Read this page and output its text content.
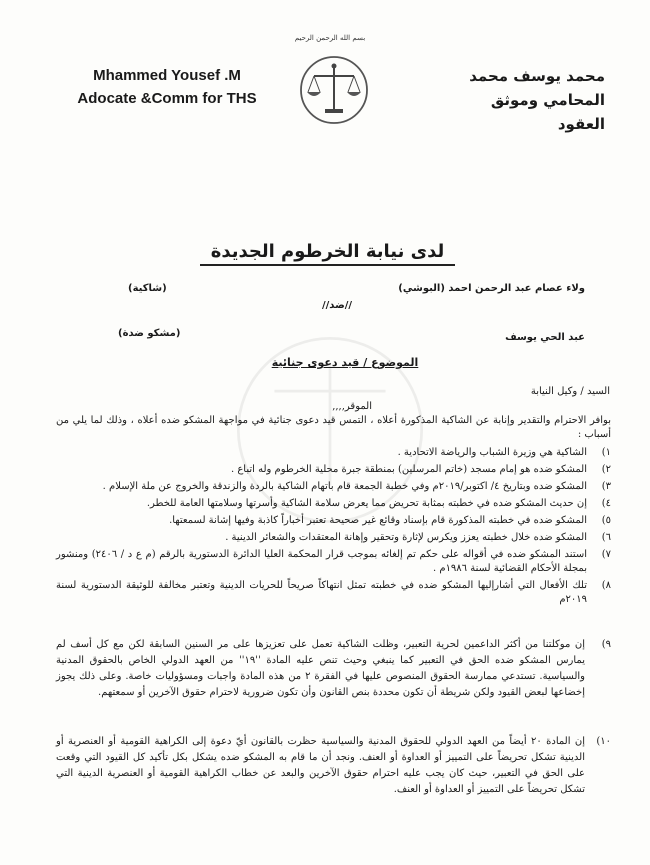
بسم الله الرحمن الرحيم
Mhammed Yousef .M
Adocate &Comm for THS
محمد يوسف محمد
المحامي وموثق العقود
لدى نيابة الخرطوم الجديدة
ولاء عصام عبد الرحمن احمد (البوشي)
(شاكية)
//ضد//
عبد الحي يوسف
(مشكو ضدة)
الموضوع / قيد دعوى جنائية
السيد / وكيل النيابة
الموقر,,,,
بوافر الاحترام والتقدير وإنابة عن الشاكية المذكورة أعلاه ، التمس قيد دعوى جنائية في مواجهة المشكو ضده أعلاه ، وذلك لما يلي من أسباب :
١)
الشاكية هي وزيرة الشباب والرياضة الاتحادية .
٢)
المشكو ضده هو إمام مسجد (خاتم المرسلين) بمنطقة جبرة محلية الخرطوم وله اتباع .
٣)
المشكو ضده وبتاريخ ٤/ اكتوبر/٢٠١٩م وفي خطبة الجمعة قام باتهام الشاكية بالردة والزندقة والخروج عن ملة الإسلام .
٤)
إن حديث المشكو ضده في خطبته بمثابة تحريض مما يعرض سلامة الشاكية وأسرتها وسلامتها العامة للخطر.
٥)
المشكو ضده في خطبته المذكورة قام بإسناد وقائع غير صحيحة تعتبر أخباراً كاذبة وفيها إشانة لسمعتها.
٦)
المشكو ضده خلال خطبته يعزز ويكرس لإثارة وتحقير وإهانة المعتقدات والشعائر الدينية .
٧)
استند المشكو ضده في أقواله على حكم تم إلغائه بموجب قرار المحكمة العليا الدائرة الدستورية بالرقم (م ع د / ٢٤٠٦) ومنشور بمجلة الأحكام القضائية لسنة ١٩٨٦م .
٨)
تلك الأفعال التي أشارإليها المشكو ضده في خطبته تمثل انتهاكاً صريحاً للحريات الدينية وتعتبر مخالفة للوثيقة الدستورية لسنة ٢٠١٩م
٩)
إن موكلتنا من أكثر الداعمين لحرية التعبير، وظلت الشاكية تعمل على تعزيزها على مر السنين السابقة لكن مع كل أسف لم يمارس المشكو ضده الحق في التعبير كما ينبغي وحيث تنص عليه المادة ''١٩'' من العهد الدولي الخاص بالحقوق المدنية والسياسية. تستدعي ممارسة الحقوق المنصوص عليها في الفقرة ٢ من هذه المادة واجبات ومسؤوليات خاصة. وعلى ذلك يجوز إخضاعها لبعض القيود ولكن شريطة أن تكون محددة بنص القانون وأن تكون ضرورية لاحترام حقوق الآخرين أو سمعتهم.
١٠)
إن المادة ٢٠ أيضاً من العهد الدولي للحقوق المدنية والسياسية حظرت بالقانون أيّ دعوة إلى الكراهية القومية أو العنصرية أو الدينية تشكل تحريضاً على التمييز أو العداوة أو العنف. ونجد أن ما قام به المشكو ضده يشكل بكل تأكيد كل القيود التي وقعت على الحق في التعبير، حيث كان يجب عليه احترام حقوق الآخرين والبعد عن خطاب الكراهية القومية أو العنصرية الدينية التي تشكل تحريضاً على التمييز أو العداوة أو العنف.
